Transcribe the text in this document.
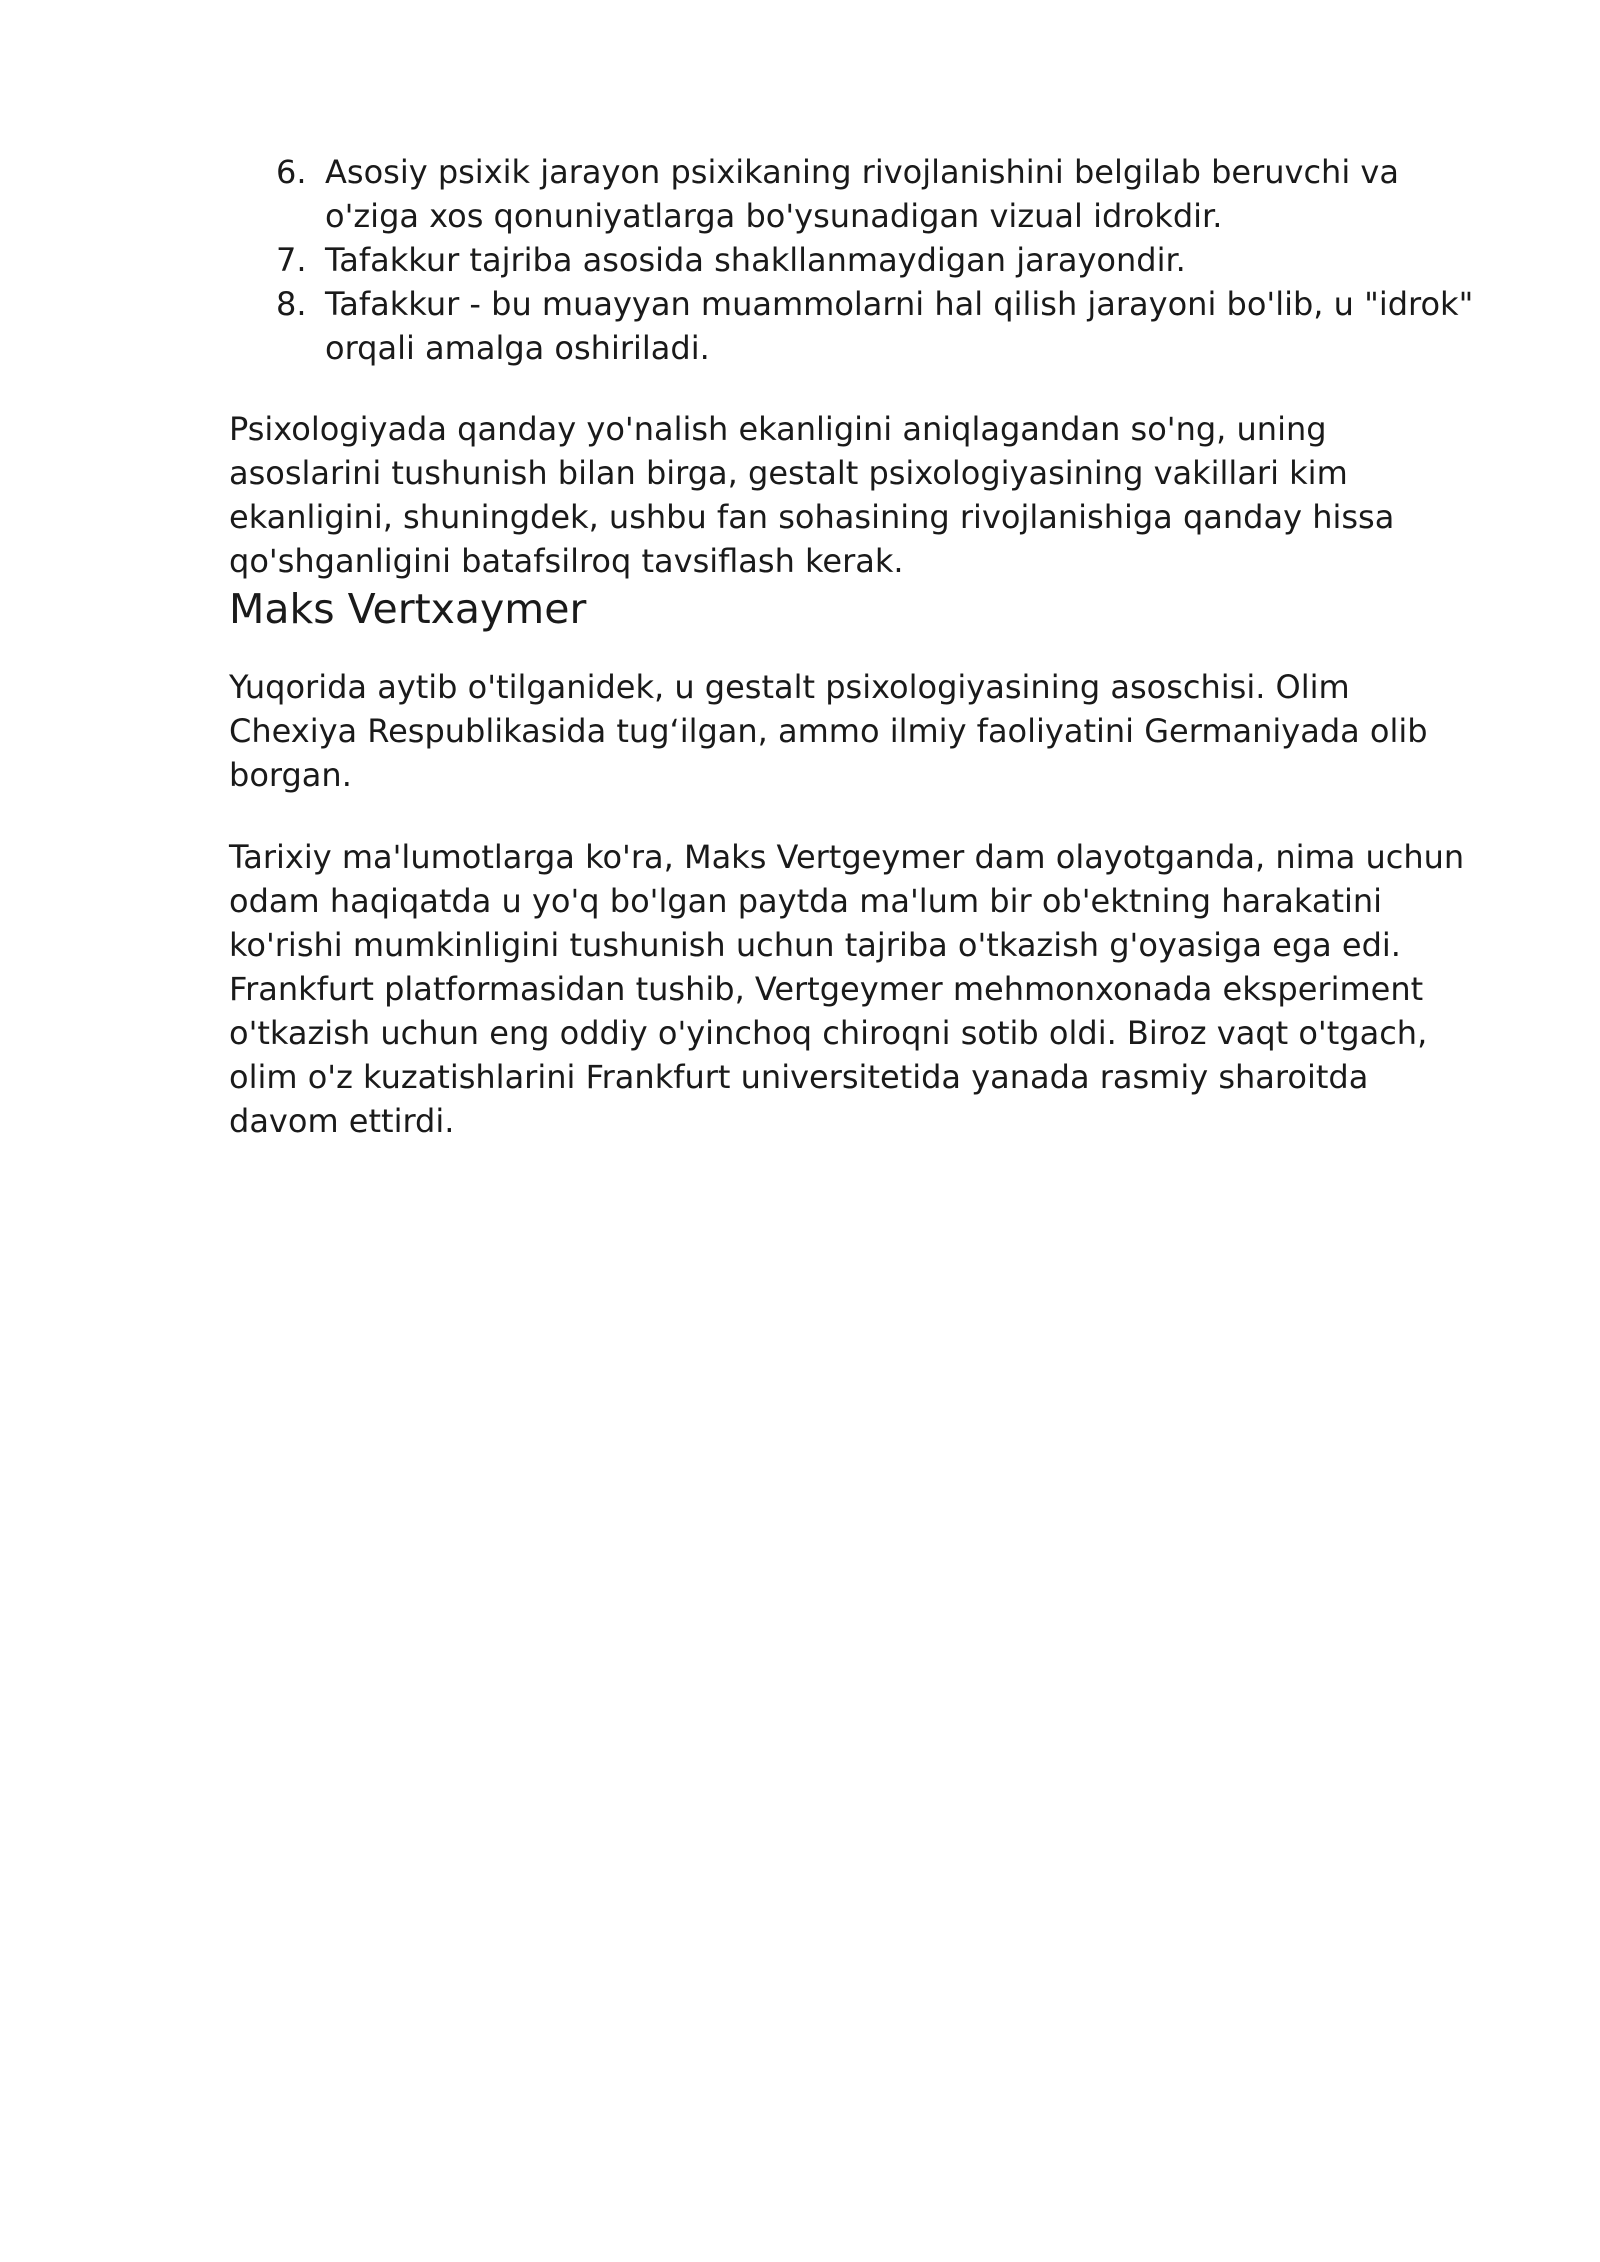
6. Asosiy psixik jarayon psixikaning rivojlanishini belgilab beruvchi va o'ziga xos qonuniyatlarga bo'ysunadigan vizual idrokdir.
7. Tafakkur tajriba asosida shakllanmaydigan jarayondir.
8. Tafakkur - bu muayyan muammolarni hal qilish jarayoni bo'lib, u "idrok" orqali amalga oshiriladi.

Psixologiyada qanday yo'nalish ekanligini aniqlagandan so'ng, uning asoslarini tushunish bilan birga, gestalt psixologiyasining vakillari kim ekanligini, shuningdek, ushbu fan sohasining rivojlanishiga qanday hissa qo'shganligini batafsilroq tavsiflash kerak.

Maks Vertxaymer

Yuqorida aytib o'tilganidek, u gestalt psixologiyasining asoschisi. Olim Chexiya Respublikasida tug‘ilgan, ammo ilmiy faoliyatini Germaniyada olib borgan.

Tarixiy ma'lumotlarga ko'ra, Maks Vertgeymer dam olayotganda, nima uchun odam haqiqatda u yo'q bo'lgan paytda ma'lum bir ob'ektning harakatini ko'rishi mumkinligini tushunish uchun tajriba o'tkazish g'oyasiga ega edi. Frankfurt platformasidan tushib, Vertgeymer mehmonxonada eksperiment o'tkazish uchun eng oddiy o'yinchoq chiroqni sotib oldi. Biroz vaqt o'tgach, olim o'z kuzatishlarini Frankfurt universitetida yanada rasmiy sharoitda davom ettirdi.
